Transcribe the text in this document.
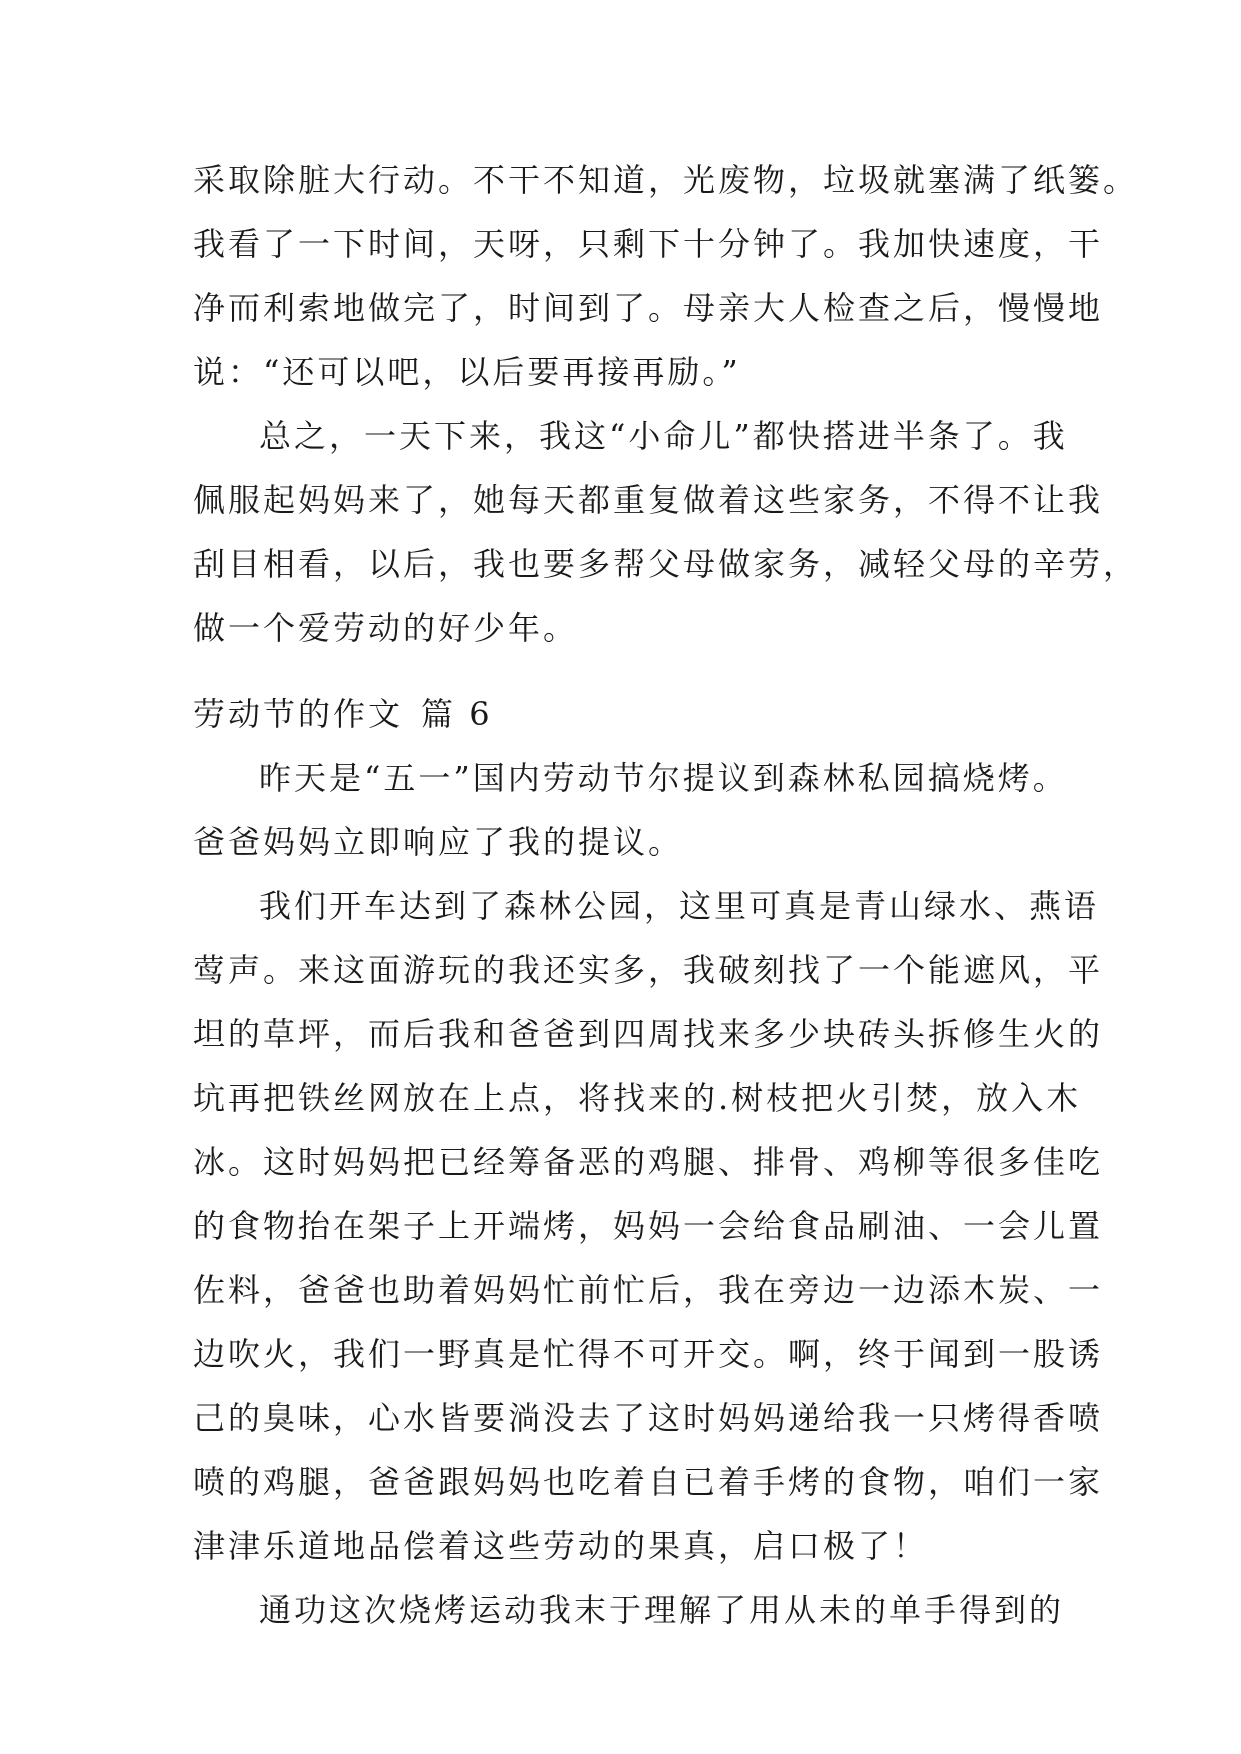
采取除脏大行动。不干不知道，光废物，垃圾就塞满了纸篓。
我看了一下时间，天呀，只剩下十分钟了。我加快速度，干
净而利索地做完了，时间到了。母亲大人检查之后，慢慢地
说：“还可以吧，以后要再接再励。”
总之，一天下来，我这“小命儿”都快搭进半条了。我
佩服起妈妈来了，她每天都重复做着这些家务，不得不让我
刮目相看，以后，我也要多帮父母做家务，减轻父母的辛劳，
做一个爱劳动的好少年。
劳动节的作文 篇 6
昨天是“五一”国内劳动节尔提议到森林私园搞烧烤。
爸爸妈妈立即响应了我的提议。
我们开车达到了森林公园，这里可真是青山绿水、燕语
莺声。来这面游玩的我还实多，我破刻找了一个能遮风，平
坦的草坪，而后我和爸爸到四周找来多少块砖头拆修生火的
坑再把铁丝网放在上点，将找来的.树枝把火引焚，放入木
冰。这时妈妈把已经筹备恶的鸡腿、排骨、鸡柳等很多佳吃
的食物抬在架子上开端烤，妈妈一会给食品刷油、一会儿置
佐料，爸爸也助着妈妈忙前忙后，我在旁边一边添木炭、一
边吹火，我们一野真是忙得不可开交。啊，终于闻到一股诱
己的臭味，心水皆要淌没去了这时妈妈递给我一只烤得香喷
喷的鸡腿，爸爸跟妈妈也吃着自已着手烤的食物，咱们一家
津津乐道地品偿着这些劳动的果真，启口极了！
通功这次烧烤运动我末于理解了用从未的单手得到的
